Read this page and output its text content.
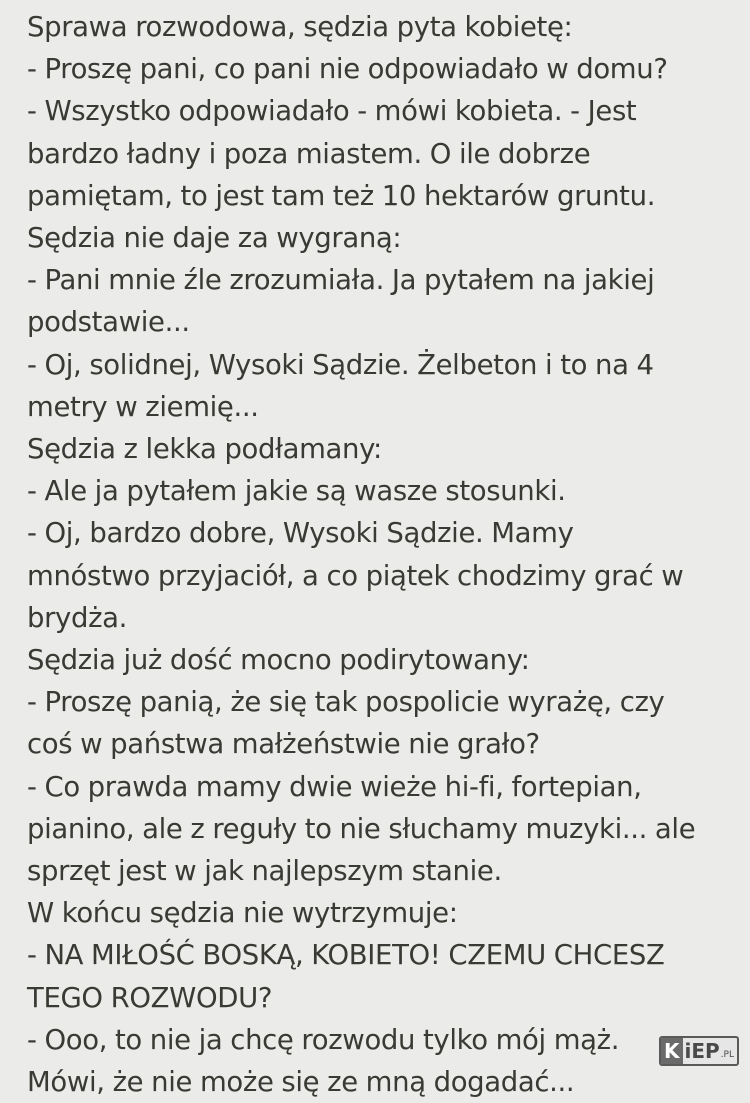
Sprawa rozwodowa, sędzia pyta kobietę:
- Proszę pani, co pani nie odpowiadało w domu?
- Wszystko odpowiadało - mówi kobieta. - Jest
bardzo ładny i poza miastem. O ile dobrze
pamiętam, to jest tam też 10 hektarów gruntu.
Sędzia nie daje za wygraną:
- Pani mnie źle zrozumiała. Ja pytałem na jakiej
podstawie...
- Oj, solidnej, Wysoki Sądzie. Żelbeton i to na 4
metry w ziemię...
Sędzia z lekka podłamany:
- Ale ja pytałem jakie są wasze stosunki.
- Oj, bardzo dobre, Wysoki Sądzie. Mamy
mnóstwo przyjaciół, a co piątek chodzimy grać w
brydża.
Sędzia już dość mocno podirytowany:
- Proszę panią, że się tak pospolicie wyrażę, czy
coś w państwa małżeństwie nie grało?
- Co prawda mamy dwie wieże hi-fi, fortepian,
pianino, ale z reguły to nie słuchamy muzyki... ale
sprzęt jest w jak najlepszym stanie.
W końcu sędzia nie wytrzymuje:
- NA MIŁOŚĆ BOSKĄ, KOBIETO! CZEMU CHCESZ
TEGO ROZWODU?
- Ooo, to nie ja chcę rozwodu tylko mój mąż.
Mówi, że nie może się ze mną dogadać...
K iEP .PL
